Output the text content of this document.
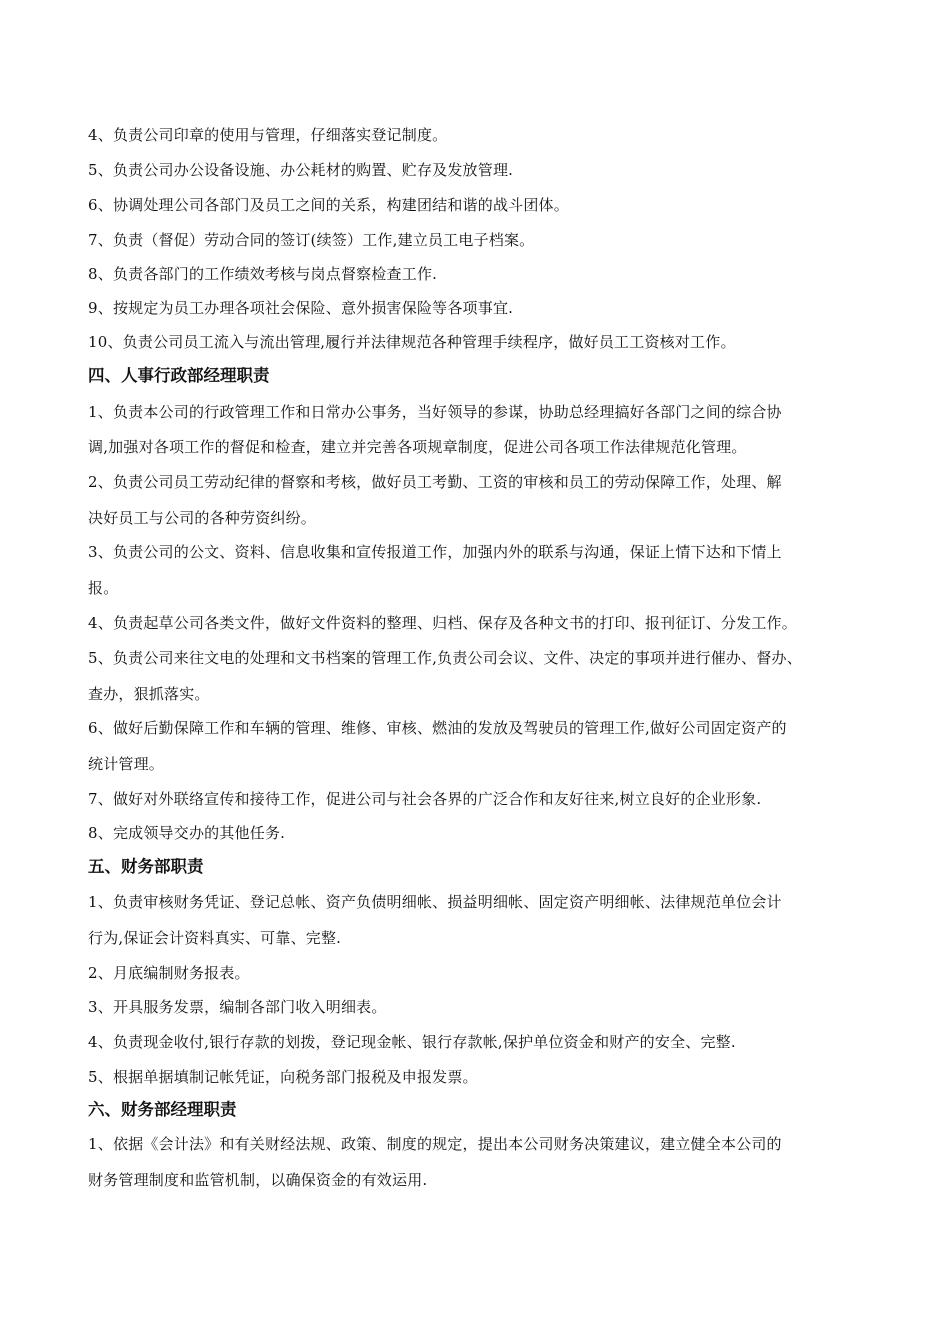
4、负责公司印章的使用与管理，仔细落实登记制度。
5、负责公司办公设备设施、办公耗材的购置、贮存及发放管理.
6、协调处理公司各部门及员工之间的关系，构建团结和谐的战斗团体。
7、负责（督促）劳动合同的签订(续签）工作,建立员工电子档案。
8、负责各部门的工作绩效考核与岗点督察检查工作.
9、按规定为员工办理各项社会保险、意外损害保险等各项事宜.
10、负责公司员工流入与流出管理,履行并法律规范各种管理手续程序，做好员工工资核对工作。
四、人事行政部经理职责
1、负责本公司的行政管理工作和日常办公事务，当好领导的参谋，协助总经理搞好各部门之间的综合协
调,加强对各项工作的督促和检查，建立并完善各项规章制度，促进公司各项工作法律规范化管理。
2、负责公司员工劳动纪律的督察和考核，做好员工考勤、工资的审核和员工的劳动保障工作，处理、解
决好员工与公司的各种劳资纠纷。
3、负责公司的公文、资料、信息收集和宣传报道工作，加强内外的联系与沟通，保证上情下达和下情上
报。
4、负责起草公司各类文件，做好文件资料的整理、归档、保存及各种文书的打印、报刊征订、分发工作。
5、负责公司来往文电的处理和文书档案的管理工作,负责公司会议、文件、决定的事项并进行催办、督办、
查办，狠抓落实。
6、做好后勤保障工作和车辆的管理、维修、审核、燃油的发放及驾驶员的管理工作,做好公司固定资产的
统计管理。
7、做好对外联络宣传和接待工作，促进公司与社会各界的广泛合作和友好往来,树立良好的企业形象.
8、完成领导交办的其他任务.
五、财务部职责
1、负责审核财务凭证、登记总帐、资产负债明细帐、损益明细帐、固定资产明细帐、法律规范单位会计
行为,保证会计资料真实、可靠、完整.
2、月底编制财务报表。
3、开具服务发票，编制各部门收入明细表。
4、负责现金收付,银行存款的划拨，登记现金帐、银行存款帐,保护单位资金和财产的安全、完整.
5、根据单据填制记帐凭证，向税务部门报税及申报发票。
六、财务部经理职责
1、依据《会计法》和有关财经法规、政策、制度的规定，提出本公司财务决策建议，建立健全本公司的
财务管理制度和监管机制，以确保资金的有效运用.
